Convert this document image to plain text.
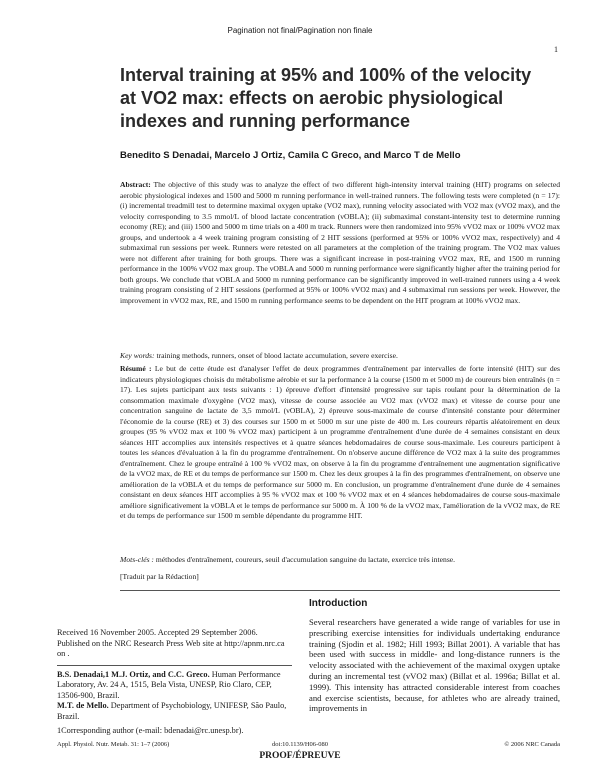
Pagination not final/Pagination non finale
1
Interval training at 95% and 100% of the velocity
at VO2 max: effects on aerobic physiological
indexes and running performance
Benedito S Denadai, Marcelo J Ortiz, Camila C Greco, and Marco T de Mello
Abstract: The objective of this study was to analyze the effect of two different high-intensity interval training (HIT) programs on selected aerobic physiological indexes and 1500 and 5000 m running performance in well-trained runners. The following tests were completed (n = 17): (i) incremental treadmill test to determine maximal oxygen uptake (VO2 max), running velocity associated with VO2 max (vVO2 max), and the velocity corresponding to 3.5 mmol/L of blood lactate concentration (vOBLA); (ii) submaximal constant-intensity test to determine running economy (RE); and (iii) 1500 and 5000 m time trials on a 400 m track. Runners were then randomized into 95% vVO2 max or 100% vVO2 max groups, and undertook a 4 week training program consisting of 2 HIT sessions (performed at 95% or 100% vVO2 max, respectively) and 4 submaximal run sessions per week. Runners were retested on all parameters at the completion of the training program. The VO2 max values were not different after training for both groups. There was a significant increase in post-training vVO2 max, RE, and 1500 m running performance in the 100% vVO2 max group. The vOBLA and 5000 m running performance were significantly higher after the training period for both groups. We conclude that vOBLA and 5000 m running performance can be significantly improved in well-trained runners using a 4 week training program consisting of 2 HIT sessions (performed at 95% or 100% vVO2 max) and 4 submaximal run sessions per week. However, the improvement in vVO2 max, RE, and 1500 m running performance seems to be dependent on the HIT program at 100% vVO2 max.
Key words: training methods, runners, onset of blood lactate accumulation, severe exercise.
Résumé : Le but de cette étude est d'analyser l'effet de deux programmes d'entraînement par intervalles de forte intensité (HIT) sur des indicateurs physiologiques choisis du métabolisme aérobie et sur la performance à la course (1500 m et 5000 m) de coureurs bien entraînés (n = 17). Les sujets participant aux tests suivants : 1) épreuve d'effort d'intensité progressive sur tapis roulant pour la détermination de la consommation maximale d'oxygène (VO2 max), vitesse de course associée au VO2 max (vVO2 max) et vitesse de course pour une concentration sanguine de lactate de 3,5 mmol/L (vOBLA), 2) épreuve sous-maximale de course d'intensité constante pour déterminer l'économie de la course (RE) et 3) des courses sur 1500 m et 5000 m sur une piste de 400 m. Les coureurs répartis aléatoirement en deux groupes (95 % vVO2 max et 100 % vVO2 max) participent à un programme d'entraînement d'une durée de 4 semaines consistant en deux séances HIT accomplies aux intensités respectives et à quatre séances hebdomadaires de course sous-maximale. Les coureurs participent à toutes les séances d'évaluation à la fin du programme d'entraînement. On n'observe aucune différence de VO2 max à la suite des programmes d'entraînement. Chez le groupe entraîné à 100 % vVO2 max, on observe à la fin du programme d'entraînement une augmentation significative de la vVO2 max, de RE et du temps de performance sur 1500 m. Chez les deux groupes à la fin des programmes d'entraînement, on observe une amélioration de la vOBLA et du temps de performance sur 5000 m. En conclusion, un programme d'entraînement d'une durée de 4 semaines consistant en deux séances HIT accomplies à 95 % vVO2 max et 100 % vVO2 max et en 4 séances hebdomadaires de course sous-maximale améliore significativement la vOBLA et le temps de performance sur 5000 m. À 100 % de la vVO2 max, l'amélioration de la vVO2 max, de RE et du temps de performance sur 1500 m semble dépendante du programme HIT.
Mots-clés : méthodes d'entraînement, coureurs, seuil d'accumulation sanguine du lactate, exercice très intense.
[Traduit par la Rédaction]
Introduction
Several researchers have generated a wide range of variables for use in prescribing exercise intensities for individuals undertaking endurance training (Sjodin et al. 1982; Hill 1993; Billat 2001). A variable that has been used with success in middle- and long-distance runners is the velocity associated with the achievement of the maximal oxygen uptake during an incremental test (vVO2 max) (Billat et al. 1996a; Billat et al. 1999). This intensity has attracted considerable interest from coaches and exercise scientists, because, for athletes who are already trained, improvements in

Received 16 November 2005. Accepted 29 September 2006. Published on the NRC Research Press Web site at http://apnm.nrc.ca on .

B.S. Denadai,1 M.J. Ortiz, and C.C. Greco. Human Performance Laboratory, Av. 24 A, 1515, Bela Vista, UNESP, Rio Claro, CEP, 13506-900, Brazil.

M.T. de Mello. Department of Psychobiology, UNIFESP, São Paulo, Brazil.

1Corresponding author (e-mail: bdenadai@rc.unesp.br).

Appl. Physiol. Nutr. Metab. 31: 1–7 (2006)	doi:10.1139/H06-080	© 2006 NRC Canada
PROOF/ÉPREUVE
